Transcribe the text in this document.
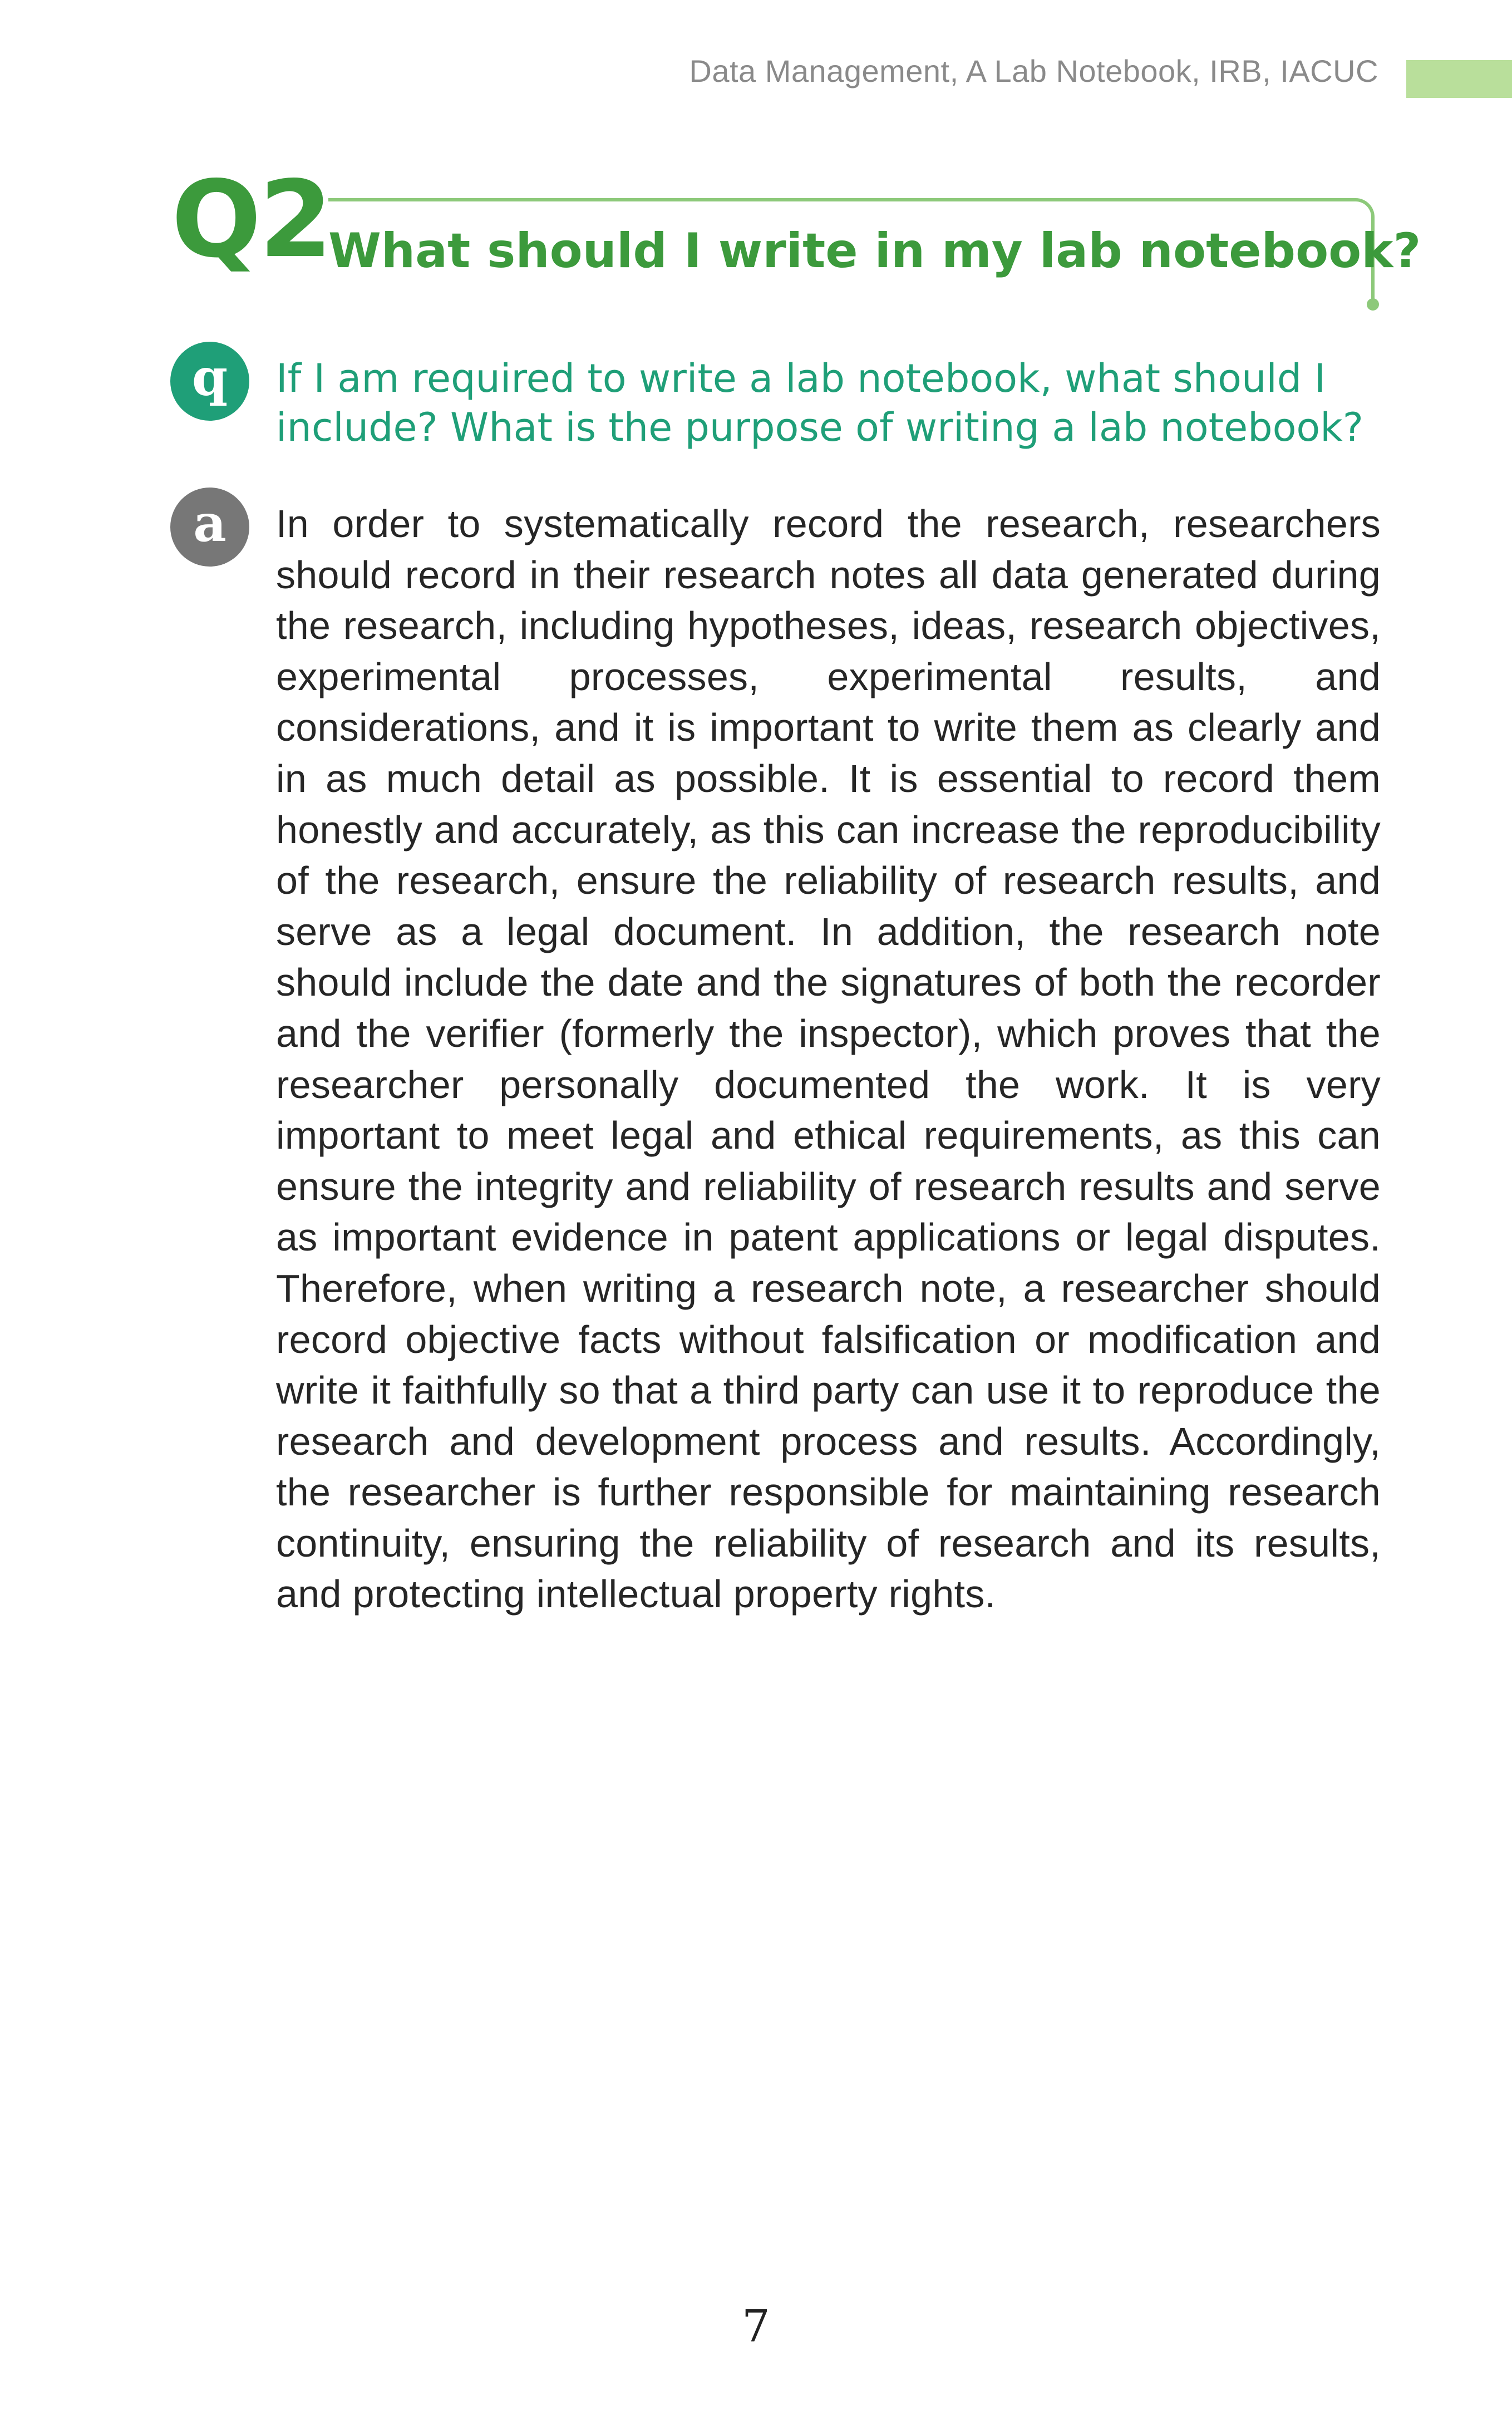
Data Management, A Lab Notebook, IRB, IACUC
Q2
What should I write in my lab notebook?
q	If I am required to write a lab notebook, what should I include? What is the purpose of writing a lab notebook?
a	In order to systematically record the research, researchers should record in their research notes all data generated during the research, including hypotheses, ideas, research objectives, experimental processes, experimental results, and considerations, and it is important to write them as clearly and in as much detail as possible. It is essential to record them honestly and accurately, as this can increase the reproducibility of the research, ensure the reliability of research results, and serve as a legal document. In addition, the research note should include the date and the signatures of both the recorder and the verifier (formerly the inspector), which proves that the researcher personally documented the work. It is very important to meet legal and ethical requirements, as this can ensure the integrity and reliability of research results and serve as important evidence in patent applications or legal disputes. Therefore, when writing a research note, a researcher should record objective facts without falsification or modification and write it faithfully so that a third party can use it to reproduce the research and development process and results. Accordingly, the researcher is further responsible for maintaining research continuity, ensuring the reliability of research and its results, and protecting intellectual property rights.
7
